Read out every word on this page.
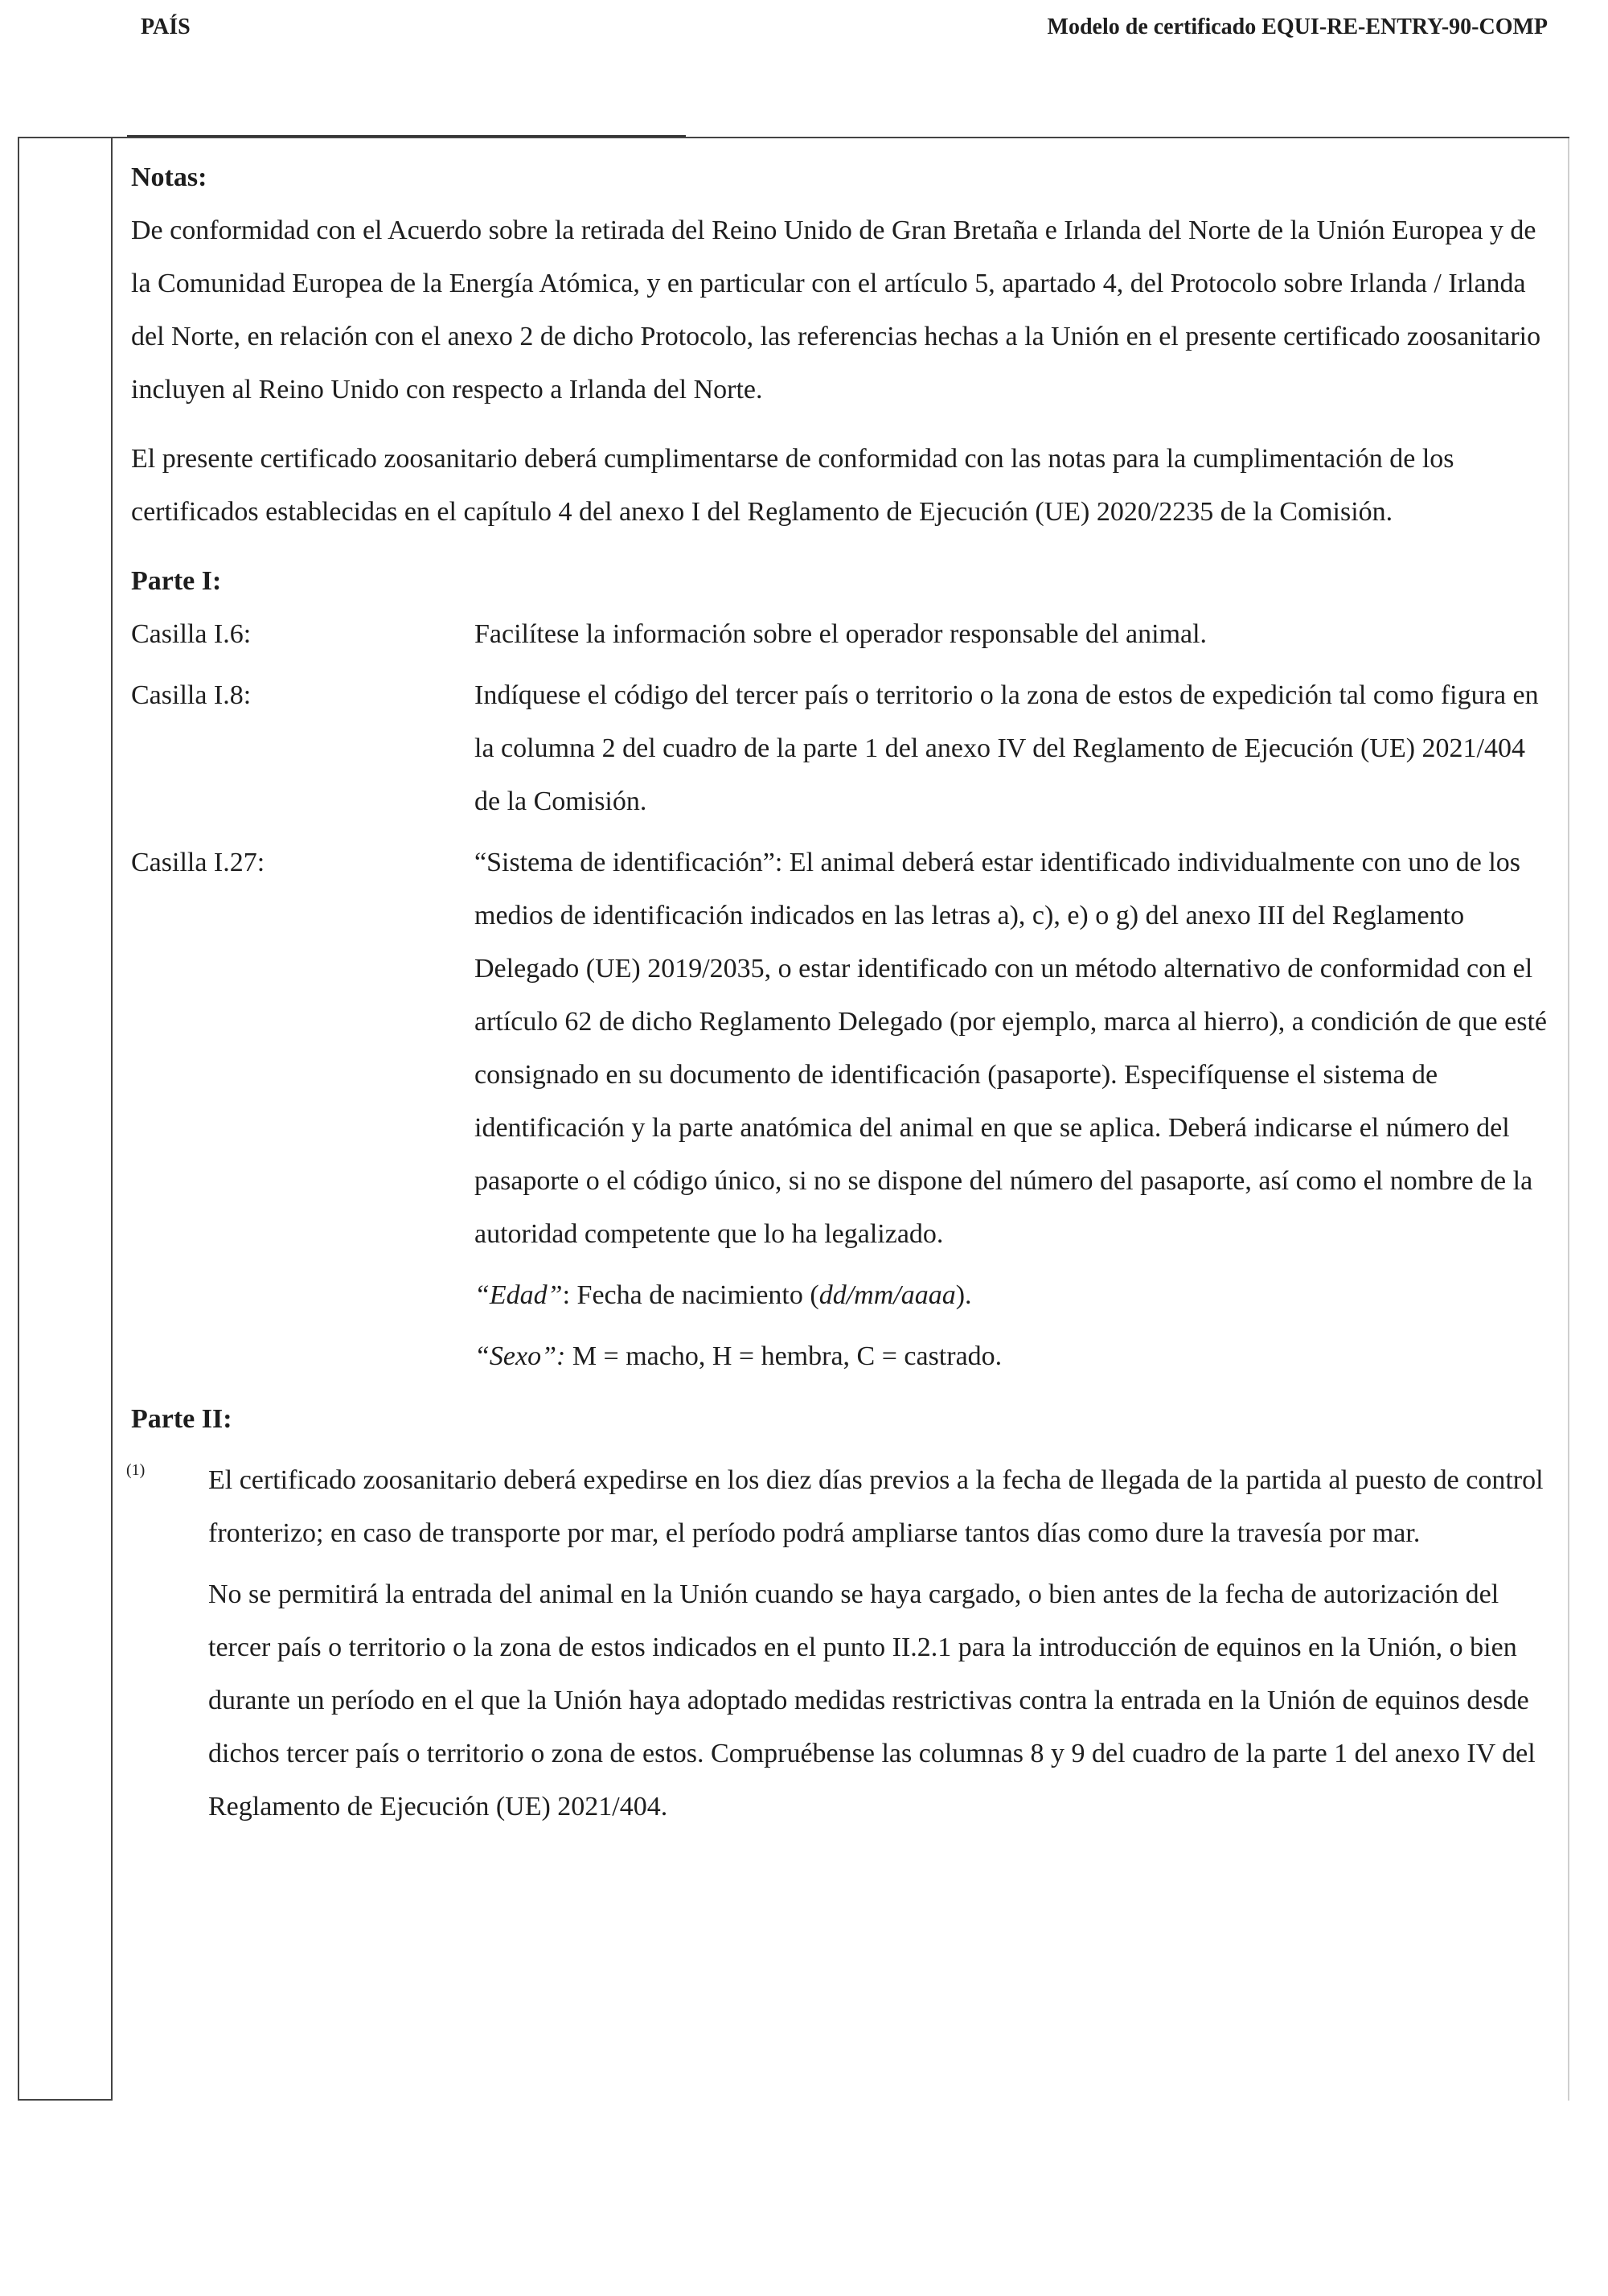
PAÍS	Modelo de certificado EQUI-RE-ENTRY-90-COMP

Notas:

De conformidad con el Acuerdo sobre la retirada del Reino Unido de Gran Bretaña e Irlanda del Norte de la Unión Europea y de la Comunidad Europea de la Energía Atómica, y en particular con el artículo 5, apartado 4, del Protocolo sobre Irlanda / Irlanda del Norte, en relación con el anexo 2 de dicho Protocolo, las referencias hechas a la Unión en el presente certificado zoosanitario incluyen al Reino Unido con respecto a Irlanda del Norte.

El presente certificado zoosanitario deberá cumplimentarse de conformidad con las notas para la cumplimentación de los certificados establecidas en el capítulo 4 del anexo I del Reglamento de Ejecución (UE) 2020/2235 de la Comisión.

Parte I:

Casilla I.6:	Facilítese la información sobre el operador responsable del animal.
Casilla I.8:	Indíquese el código del tercer país o territorio o la zona de estos de expedición tal como figura en la columna 2 del cuadro de la parte 1 del anexo IV del Reglamento de Ejecución (UE) 2021/404 de la Comisión.
Casilla I.27:	“Sistema de identificación”: El animal deberá estar identificado individualmente con uno de los medios de identificación indicados en las letras a), c), e) o g) del anexo III del Reglamento Delegado (UE) 2019/2035, o estar identificado con un método alternativo de conformidad con el artículo 62 de dicho Reglamento Delegado (por ejemplo, marca al hierro), a condición de que esté consignado en su documento de identificación (pasaporte). Especifíquense el sistema de identificación y la parte anatómica del animal en que se aplica. Deberá indicarse el número del pasaporte o el código único, si no se dispone del número del pasaporte, así como el nombre de la autoridad competente que lo ha legalizado.
“Edad”: Fecha de nacimiento (dd/mm/aaaa).
“Sexo”: M = macho, H = hembra, C = castrado.

Parte II:

(1)	El certificado zoosanitario deberá expedirse en los diez días previos a la fecha de llegada de la partida al puesto de control fronterizo; en caso de transporte por mar, el período podrá ampliarse tantos días como dure la travesía por mar.

No se permitirá la entrada del animal en la Unión cuando se haya cargado, o bien antes de la fecha de autorización del tercer país o territorio o la zona de estos indicados en el punto II.2.1 para la introducción de equinos en la Unión, o bien durante un período en el que la Unión haya adoptado medidas restrictivas contra la entrada en la Unión de equinos desde dichos tercer país o territorio o zona de estos. Compruébense las columnas 8 y 9 del cuadro de la parte 1 del anexo IV del Reglamento de Ejecución (UE) 2021/404.
